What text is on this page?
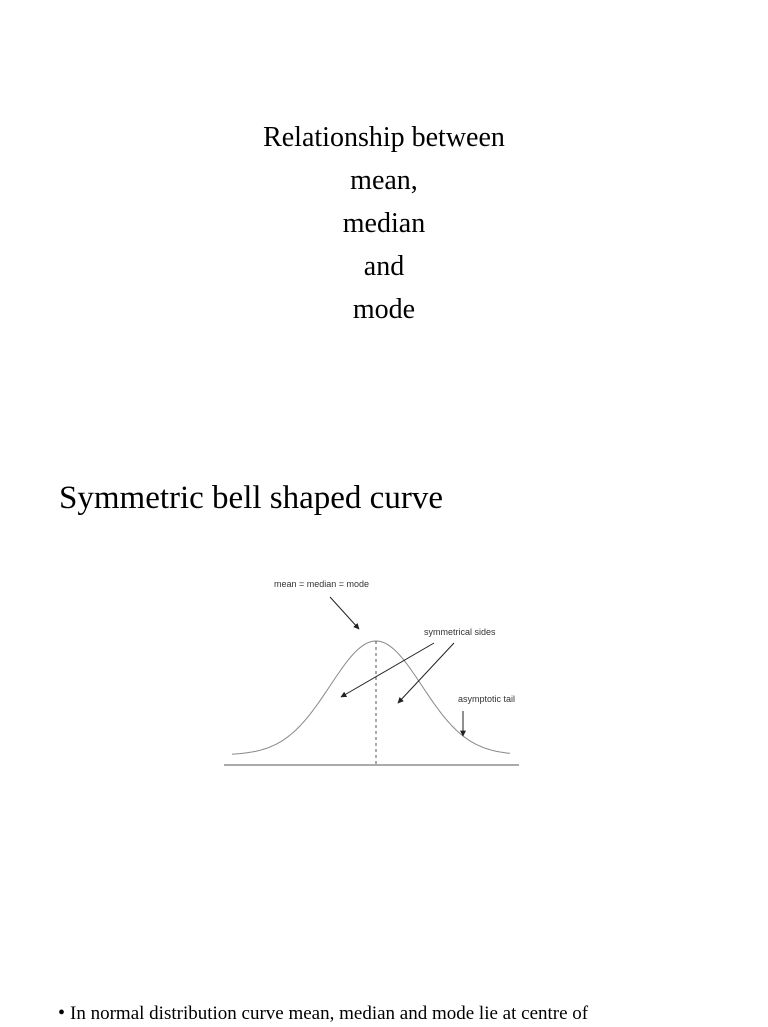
Relationship between
mean,
median
and
mode
Symmetric bell shaped curve
mean = median = mode
symmetrical sides
asymptotic tail
• In normal distribution curve mean, median and mode lie at centre of
